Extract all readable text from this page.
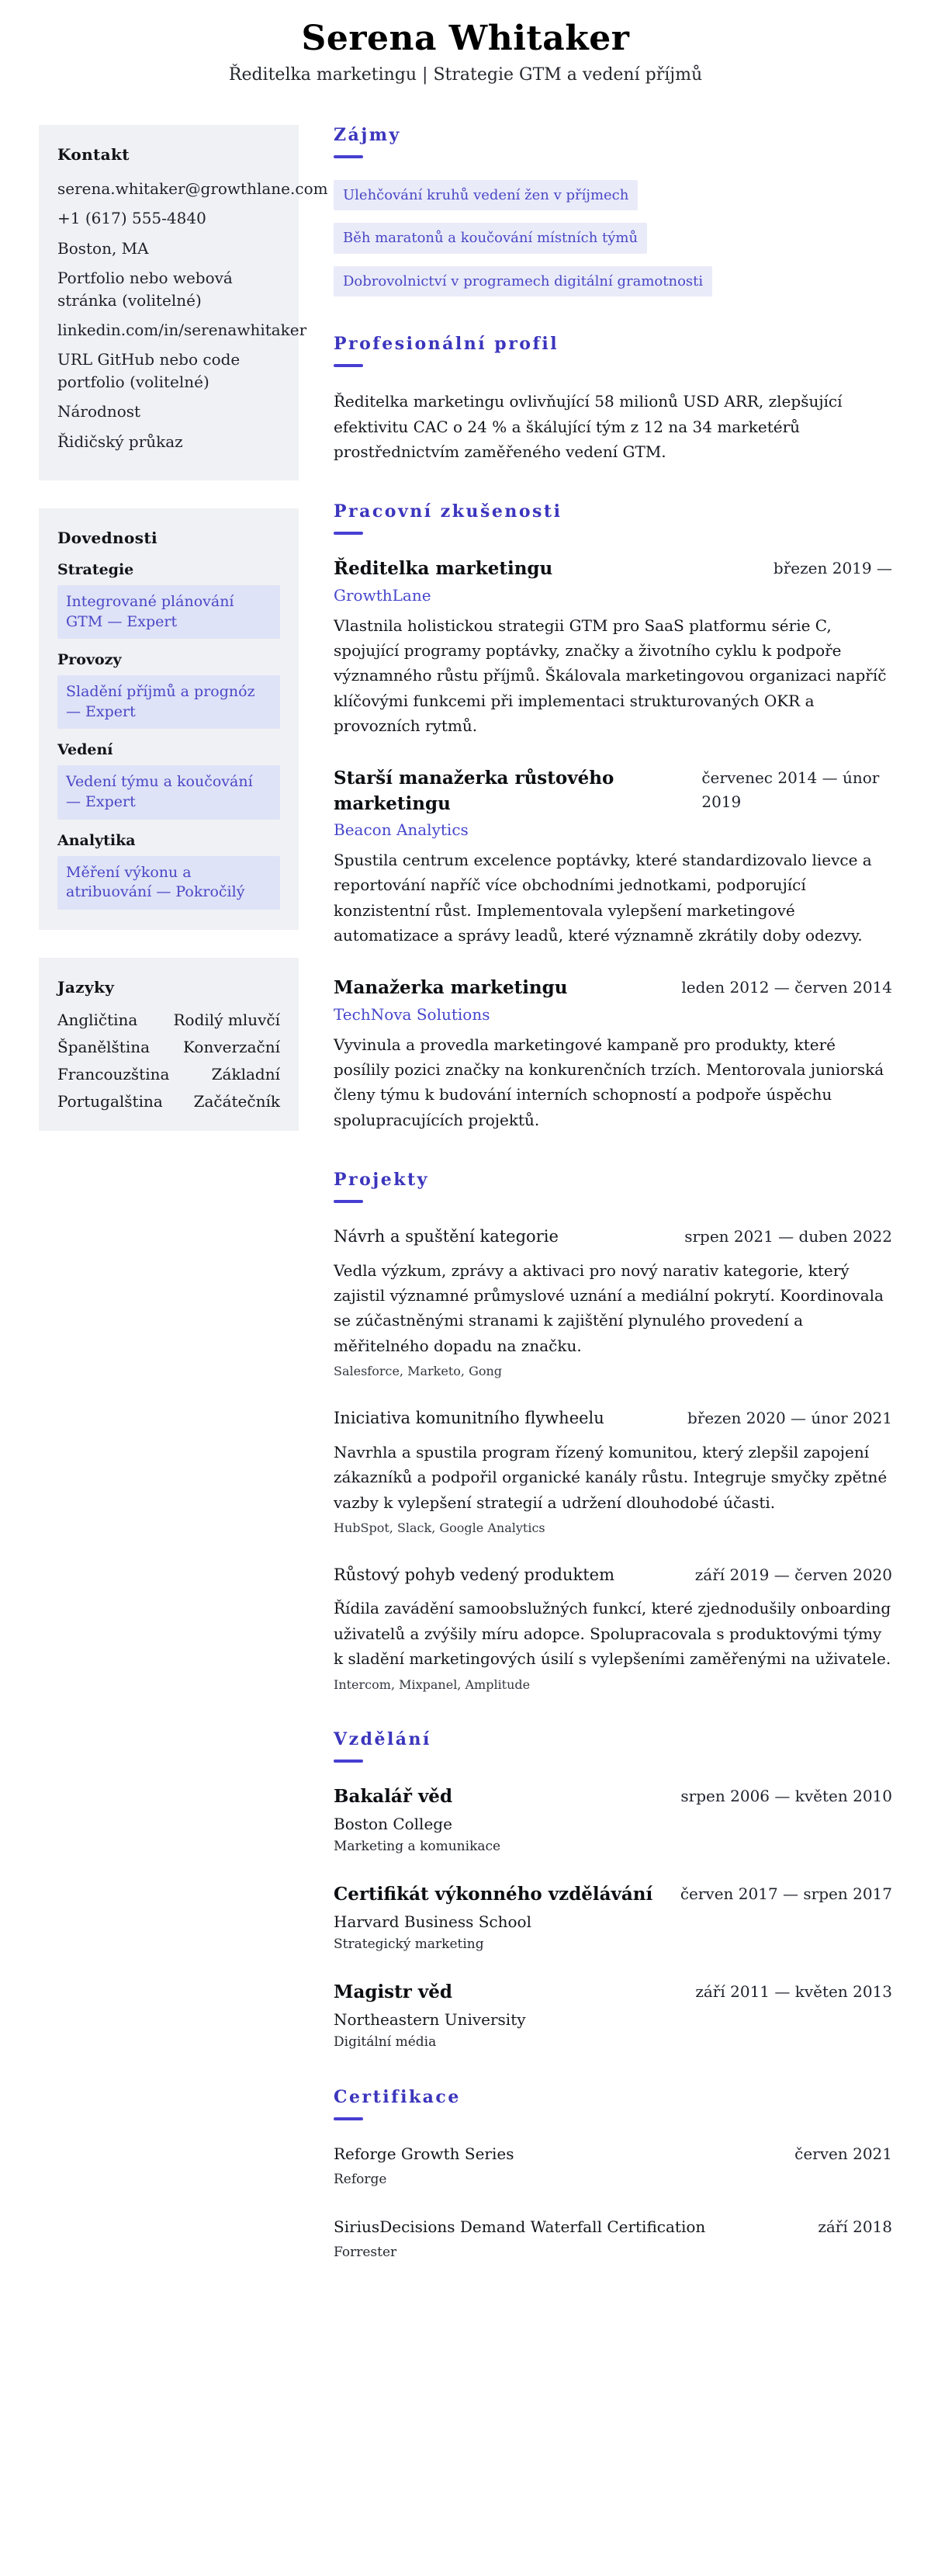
Serena Whitaker
Ředitelka marketingu | Strategie GTM a vedení příjmů
Kontakt
serena.whitaker@growthlane.com
+1 (617) 555-4840
Boston, MA
Portfolio nebo webová stránka (volitelné)
linkedin.com/in/serenawhitaker
URL GitHub nebo code portfolio (volitelné)
Národnost
Řidičský průkaz
Dovednosti
Strategie
Integrované plánování GTM — Expert
Provozy
Sladění příjmů a prognóz — Expert
Vedení
Vedení týmu a koučování — Expert
Analytika
Měření výkonu a atribuování — Pokročilý
Jazyky
Angličtina Rodilý mluvčí
Španělština Konverzační
Francouzština	Základní
Portugalština Začátečník
Zájmy
Ulehčování kruhů vedení žen v příjmech
Běh maratonů a koučování místních týmů
Dobrovolnictví v programech digitální gramotnosti
Profesionální profil

Ředitelka marketingu ovlivňující 58 milionů USD ARR, zlepšující efektivitu CAC o 24 % a škálující tým z 12 na 34 marketérů prostřednictvím zaměřeného vedení GTM.

Pracovní zkušenosti
Ředitelka marketingu	březen 2019 —
GrowthLane

Vlastnila holistickou strategii GTM pro SaaS platformu série C, spojující programy poptávky, značky a životního cyklu k podpoře významného růstu příjmů. Škálovala marketingovou organizaci napříč klíčovými funkcemi při implementaci strukturovaných OKR a provozních rytmů.

Starší manažerka růstového marketingu
červenec 2014 — únor 2019
Beacon Analytics

Spustila centrum excelence poptávky, které standardizovalo lievce a reportování napříč více obchodními jednotkami, podporující konzistentní růst. Implementovala vylepšení marketingové automatizace a správy leadů, které významně zkrátily doby odezvy.

Manažerka marketingu	leden 2012 — červen 2014
TechNova Solutions

Vyvinula a provedla marketingové kampaně pro produkty, které posílily pozici značky na konkurenčních trzích. Mentorovala juniorská členy týmu k budování interních schopností a podpoře úspěchu spolupracujících projektů.

Projekty
Návrh a spuštění kategorie	srpen 2021 — duben 2022

Vedla výzkum, zprávy a aktivaci pro nový narativ kategorie, který zajistil významné průmyslové uznání a mediální pokrytí. Koordinovala se zúčastněnými stranami k zajištění plynulého provedení a měřitelného dopadu na značku.

Salesforce, Marketo, Gong
Iniciativa komunitního flywheelu	březen 2020 — únor 2021

Navrhla a spustila program řízený komunitou, který zlepšil zapojení zákazníků a podpořil organické kanály růstu. Integruje smyčky zpětné vazby k vylepšení strategií a udržení dlouhodobé účasti.

HubSpot, Slack, Google Analytics
Růstový pohyb vedený produktem	září 2019 — červen 2020

Řídila zavádění samoobslužných funkcí, které zjednodušily onboarding uživatelů a zvýšily míru adopce. Spolupracovala s produktovými týmy k sladění marketingových úsilí s vylepšeními zaměřenými na uživatele.

Intercom, Mixpanel, Amplitude
Vzdělání
Bakalář věd	srpen 2006 — květen 2010
Boston College
Marketing a komunikace
Certifikát výkonného vzdělávání červen 2017 — srpen 2017
Harvard Business School
Strategický marketing
Magistr věd	září 2011 — květen 2013
Northeastern University
Digitální média
Certifikace
Reforge Growth Series	červen 2021
Reforge
SiriusDecisions Demand Waterfall Certification	září 2018
Forrester
